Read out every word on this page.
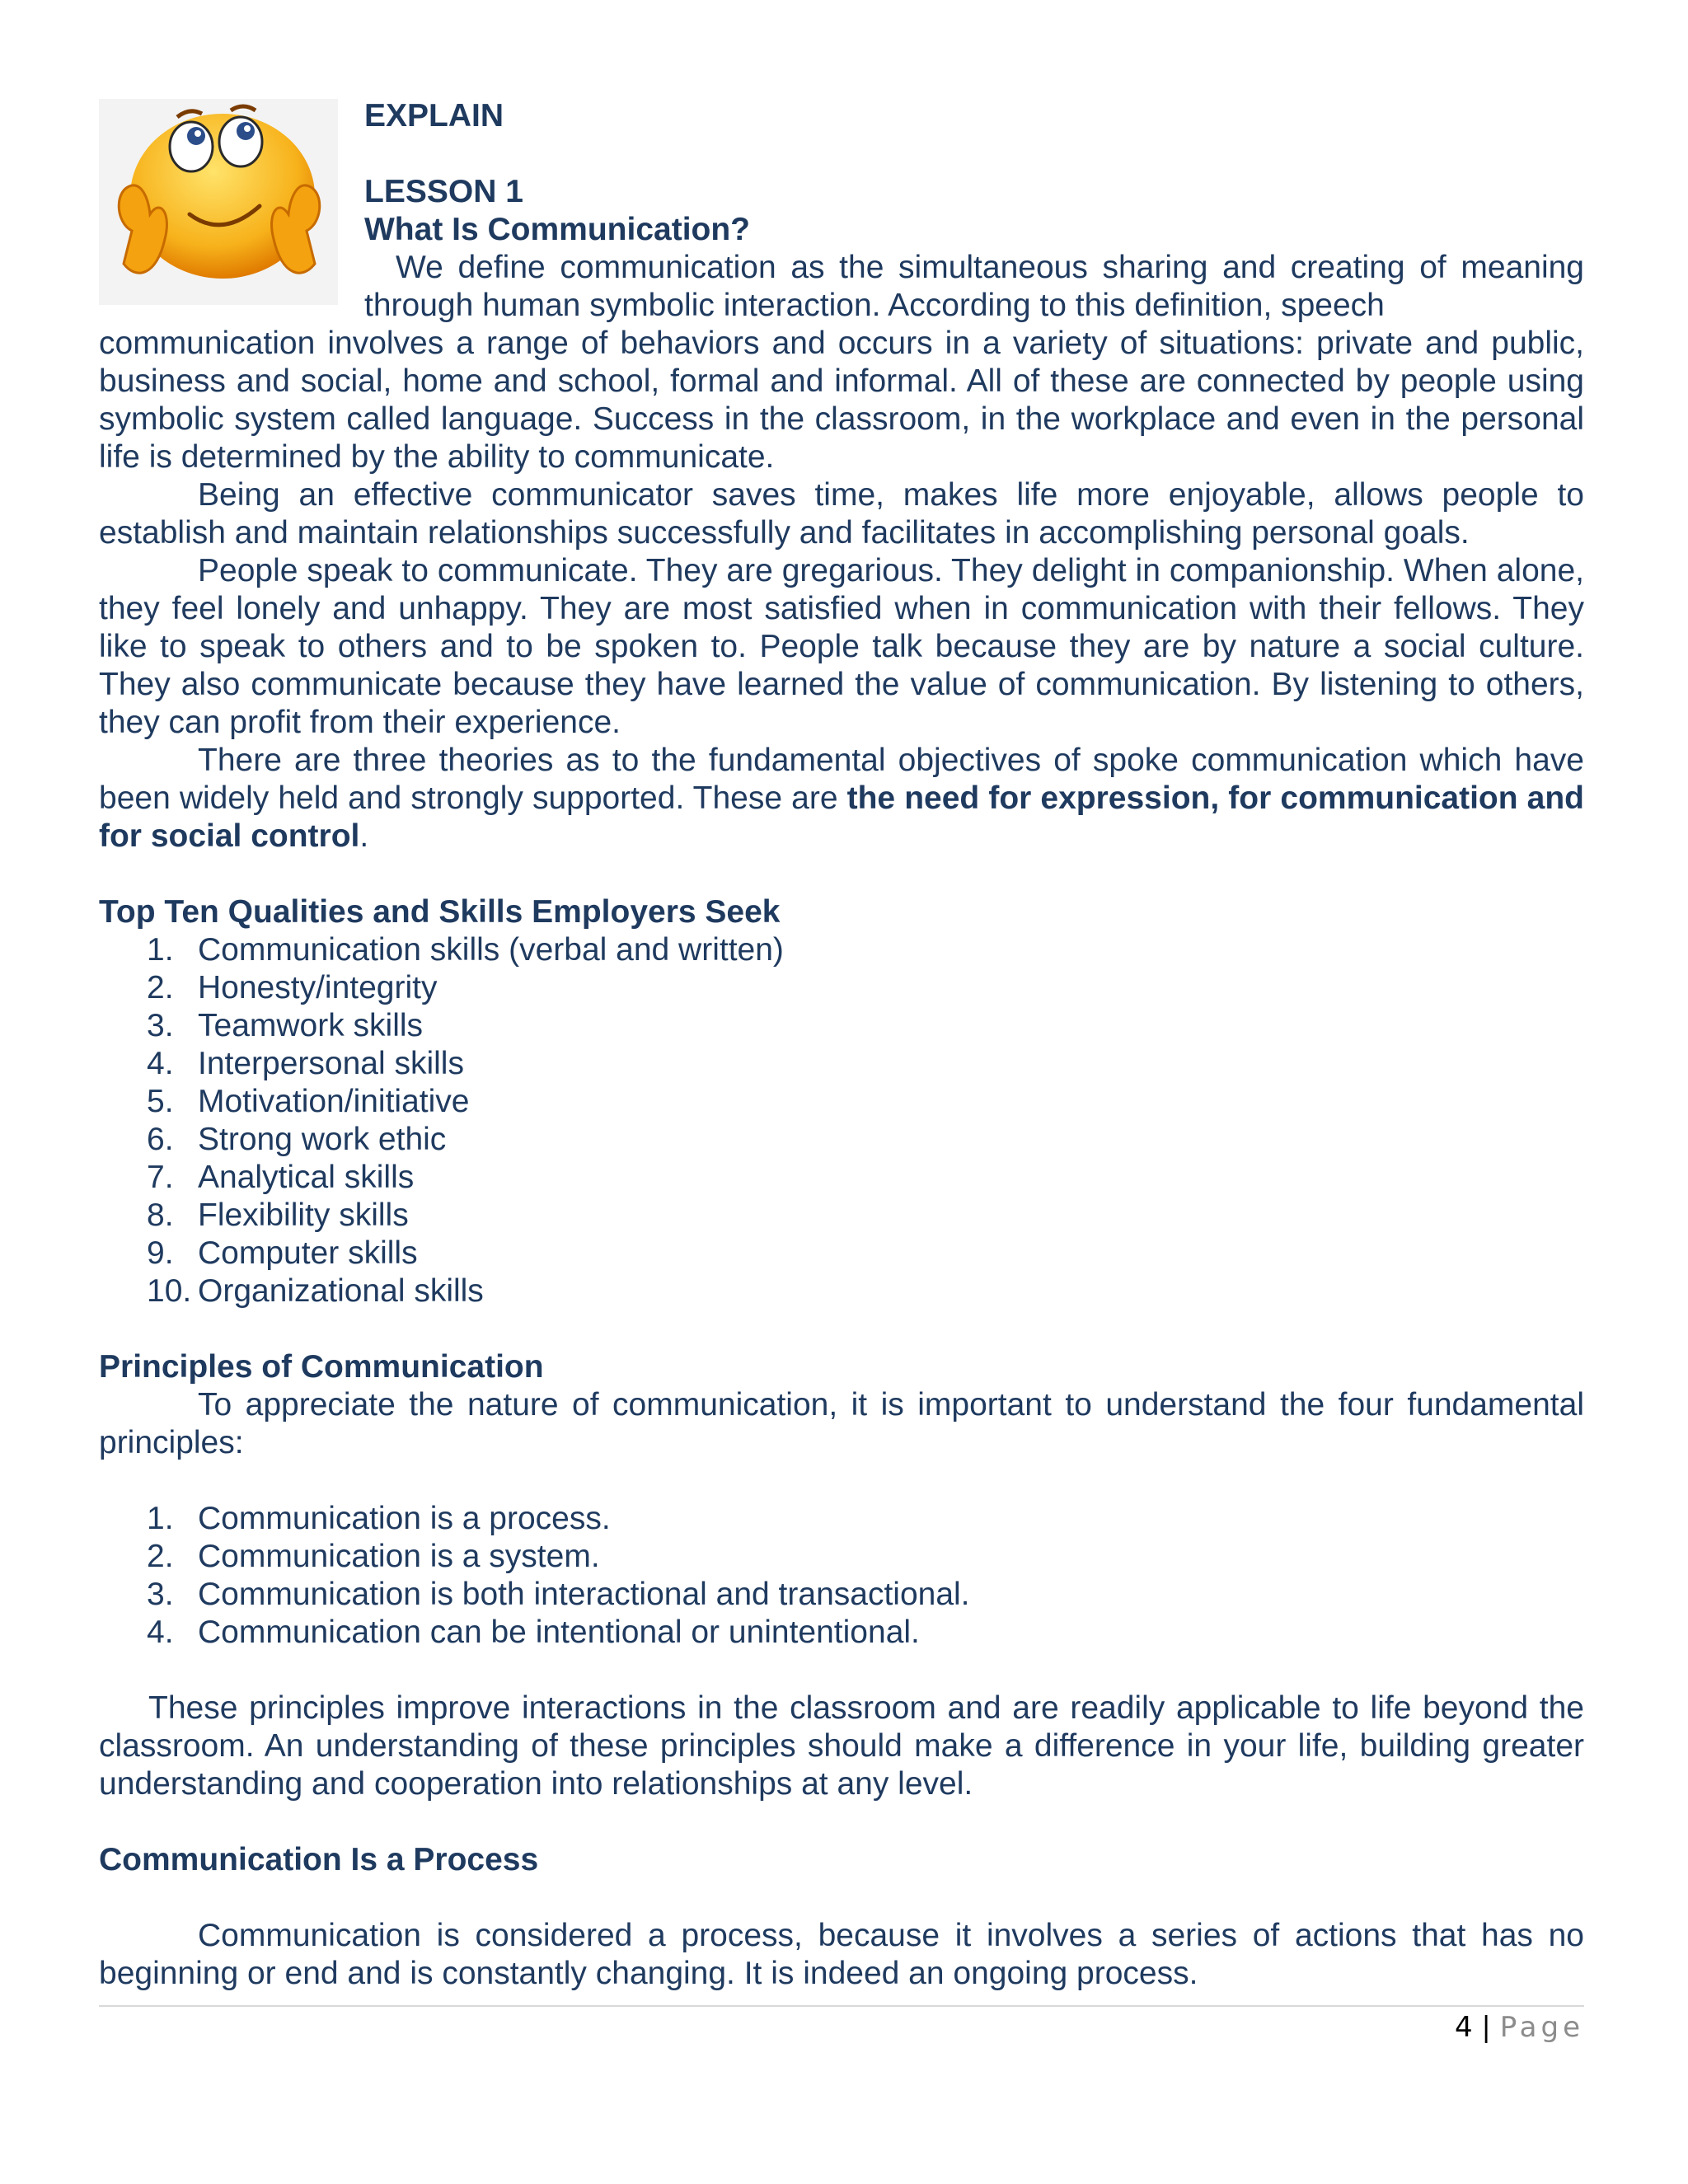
EXPLAIN
LESSON 1
What Is Communication?

We define communication as the simultaneous sharing and creating of meaning through human symbolic interaction. According to this definition, speech

communication involves a range of behaviors and occurs in a variety of situations: private and public, business and social, home and school, formal and informal. All of these are connected by people using symbolic system called language. Success in the classroom, in the workplace and even in the personal life is determined by the ability to communicate.

Being an effective communicator saves time, makes life more enjoyable, allows people to establish and maintain relationships successfully and facilitates in accomplishing personal goals.

People speak to communicate. They are gregarious. They delight in companionship. When alone, they feel lonely and unhappy. They are most satisfied when in communication with their fellows. They like to speak to others and to be spoken to. People talk because they are by nature a social culture. They also communicate because they have learned the value of communication. By listening to others, they can profit from their experience.

There are three theories as to the fundamental objectives of spoke communication which have been widely held and strongly supported. These are the need for expression, for communication and for social control.

Top Ten Qualities and Skills Employers Seek
1. Communication skills (verbal and written)
2. Honesty/integrity
3. Teamwork skills
4. Interpersonal skills
5. Motivation/initiative
6. Strong work ethic
7. Analytical skills
8. Flexibility skills
9. Computer skills
10. Organizational skills
Principles of Communication

To appreciate the nature of communication, it is important to understand the four fundamental principles:

1. Communication is a process.
2. Communication is a system.
3. Communication is both interactional and transactional.
4. Communication can be intentional or unintentional.

These principles improve interactions in the classroom and are readily applicable to life beyond the classroom. An understanding of these principles should make a difference in your life, building greater understanding and cooperation into relationships at any level.

Communication Is a Process

Communication is considered a process, because it involves a series of actions that has no beginning or end and is constantly changing. It is indeed an ongoing process.

4 | Page
